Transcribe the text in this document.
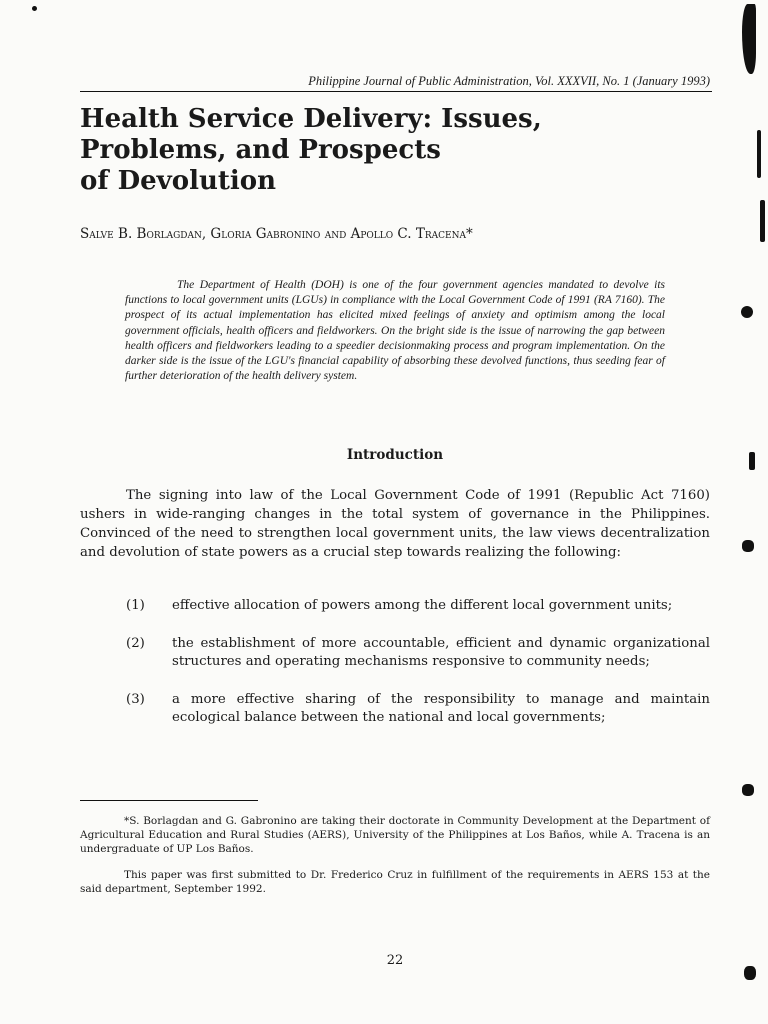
Philippine Journal of Public Administration, Vol. XXXVII, No. 1 (January 1993)
Health Service Delivery: Issues,
Problems, and Prospects
of Devolution
Salve B. Borlagdan, Gloria Gabronino and Apollo C. Tracena*

The Department of Health (DOH) is one of the four government agencies mandated to devolve its functions to local government units (LGUs) in compliance with the Local Government Code of 1991 (RA 7160). The prospect of its actual implementation has elicited mixed feelings of anxiety and optimism among the local government officials, health officers and fieldworkers. On the bright side is the issue of narrowing the gap between health officers and fieldworkers leading to a speedier decisionmaking process and program implementation. On the darker side is the issue of the LGU's financial capability of absorbing these devolved functions, thus seeding fear of further deterioration of the health delivery system.

Introduction

The signing into law of the Local Government Code of 1991 (Republic Act 7160) ushers in wide-ranging changes in the total system of governance in the Philippines. Convinced of the need to strengthen local government units, the law views decentralization and devolution of state powers as a crucial step towards realizing the following:

(1) effective allocation of powers among the different local government units;
(2) the establishment of more accountable, efficient and dynamic organizational structures and operating mechanisms responsive to community needs;
(3) a more effective sharing of the responsibility to manage and maintain ecological balance between the national and local governments;

*S. Borlagdan and G. Gabronino are taking their doctorate in Community Development at the Department of Agricultural Education and Rural Studies (AERS), University of the Philippines at Los Baños, while A. Tracena is an undergraduate of UP Los Baños.

This paper was first submitted to Dr. Frederico Cruz in fulfillment of the requirements in AERS 153 at the said department, September 1992.

22
